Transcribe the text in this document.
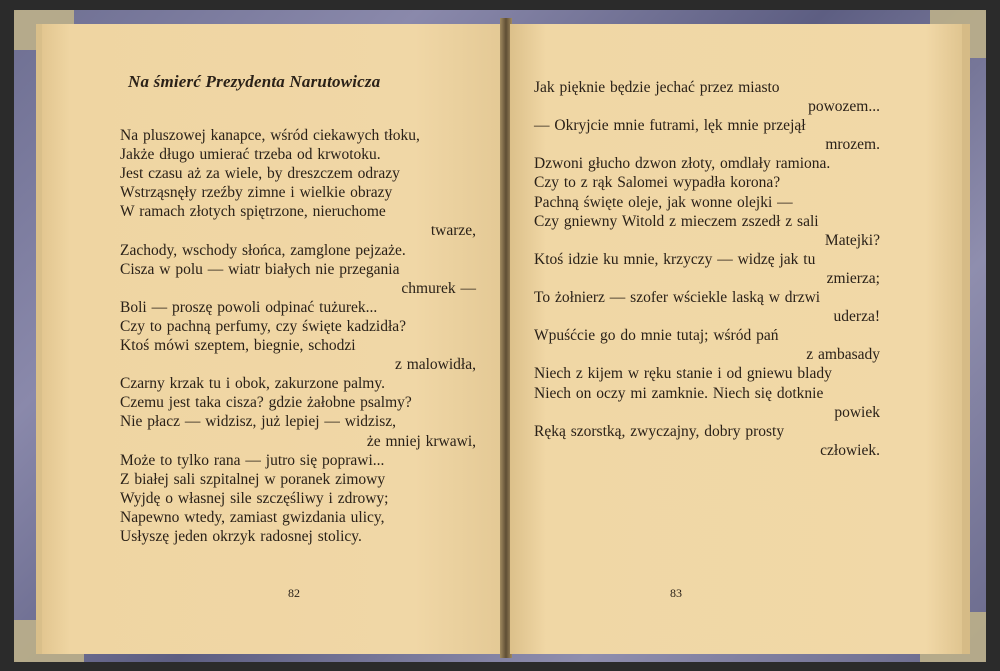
Na śmierć Prezydenta Narutowicza
Na pluszowej kanapce, wśród ciekawych tłoku,
Jakże długo umierać trzeba od krwotoku.
Jest czasu aż za wiele, by dreszczem odrazy
Wstrząsnęły rzeźby zimne i wielkie obrazy
W ramach złotych spiętrzone, nieruchome
twarze,
Zachody, wschody słońca, zamglone pejzaże.
Cisza w polu — wiatr białych nie przegania
chmurek —
Boli — proszę powoli odpinać tużurek...
Czy to pachną perfumy, czy święte kadzidła?
Ktoś mówi szeptem, biegnie, schodzi
z malowidła,
Czarny krzak tu i obok, zakurzone palmy.
Czemu jest taka cisza? gdzie żałobne psalmy?
Nie płacz — widzisz, już lepiej — widzisz,
że mniej krwawi,
Może to tylko rana — jutro się poprawi...
Z białej sali szpitalnej w poranek zimowy
Wyjdę o własnej sile szczęśliwy i zdrowy;
Napewno wtedy, zamiast gwizdania ulicy,
Usłyszę jeden okrzyk radosnej stolicy.
82
Jak pięknie będzie jechać przez miasto
powozem...
— Okryjcie mnie futrami, lęk mnie przejął
mrozem.
Dzwoni głucho dzwon złoty, omdlały ramiona.
Czy to z rąk Salomei wypadła korona?
Pachną święte oleje, jak wonne olejki —
Czy gniewny Witold z mieczem zszedł z sali
Matejki?
Ktoś idzie ku mnie, krzyczy — widzę jak tu
zmierza;
To żołnierz — szofer wściekle laską w drzwi
uderza!
Wpuśćcie go do mnie tutaj; wśród pań
z ambasady
Niech z kijem w ręku stanie i od gniewu blady
Niech on oczy mi zamknie. Niech się dotknie
powiek
Ręką szorstką, zwyczajny, dobry prosty
człowiek.
83
